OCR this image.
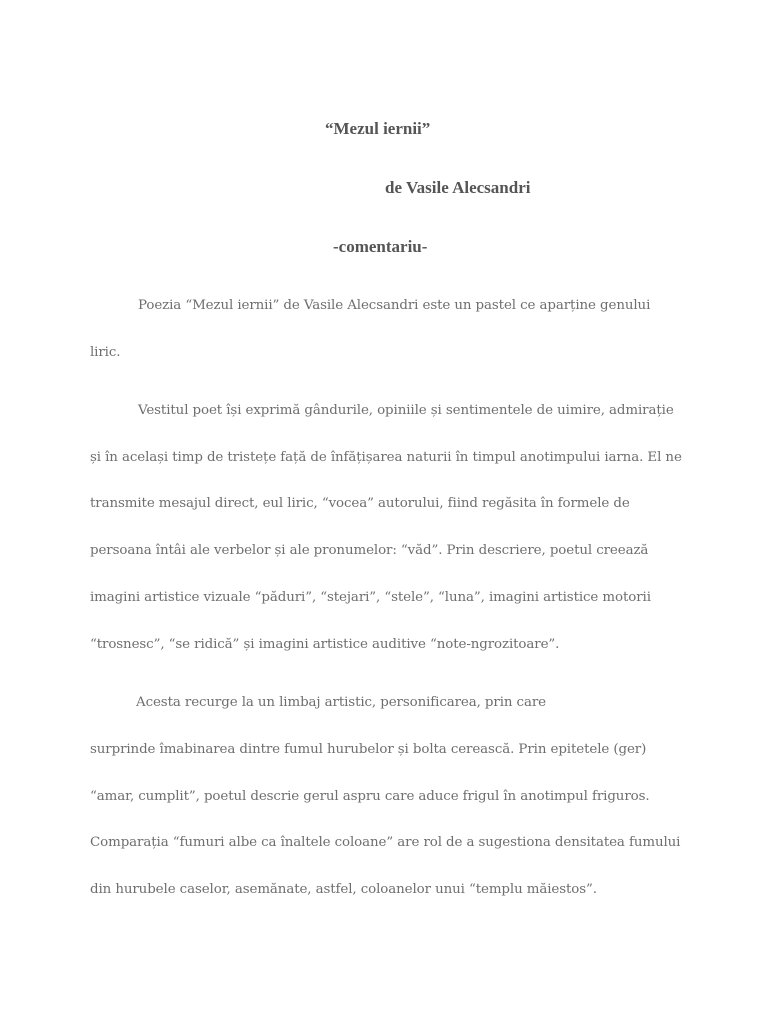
“Mezul iernii”
de Vasile Alecsandri
-comentariu-
Poezia “Mezul iernii” de Vasile Alecsandri este un pastel ce aparține genului
liric.
Vestitul poet își exprimă gândurile, opiniile și sentimentele de uimire, admirație
și în același timp de tristețe față de înfățișarea naturii în timpul anotimpului iarna. El ne
transmite mesajul direct, eul liric, “vocea” autorului, fiind regăsita în formele de
persoana întâi ale verbelor și ale pronumelor: “văd”. Prin descriere, poetul creează
imagini artistice vizuale “păduri”, “stejari”, “stele”, “luna”, imagini artistice motorii
“trosnesc”, “se ridică” și imagini artistice auditive “note-ngrozitoare”.
Acesta recurge la un limbaj artistic, personificarea, prin care
surprinde îmabinarea dintre fumul hurubelor și bolta cerească. Prin epitetele (ger)
“amar, cumplit”, poetul descrie gerul aspru care aduce frigul în anotimpul friguros.
Comparația “fumuri albe ca înaltele coloane” are rol de a sugestiona densitatea fumului
din hurubele caselor, asemănate, astfel, coloanelor unui “templu măiestos”.
